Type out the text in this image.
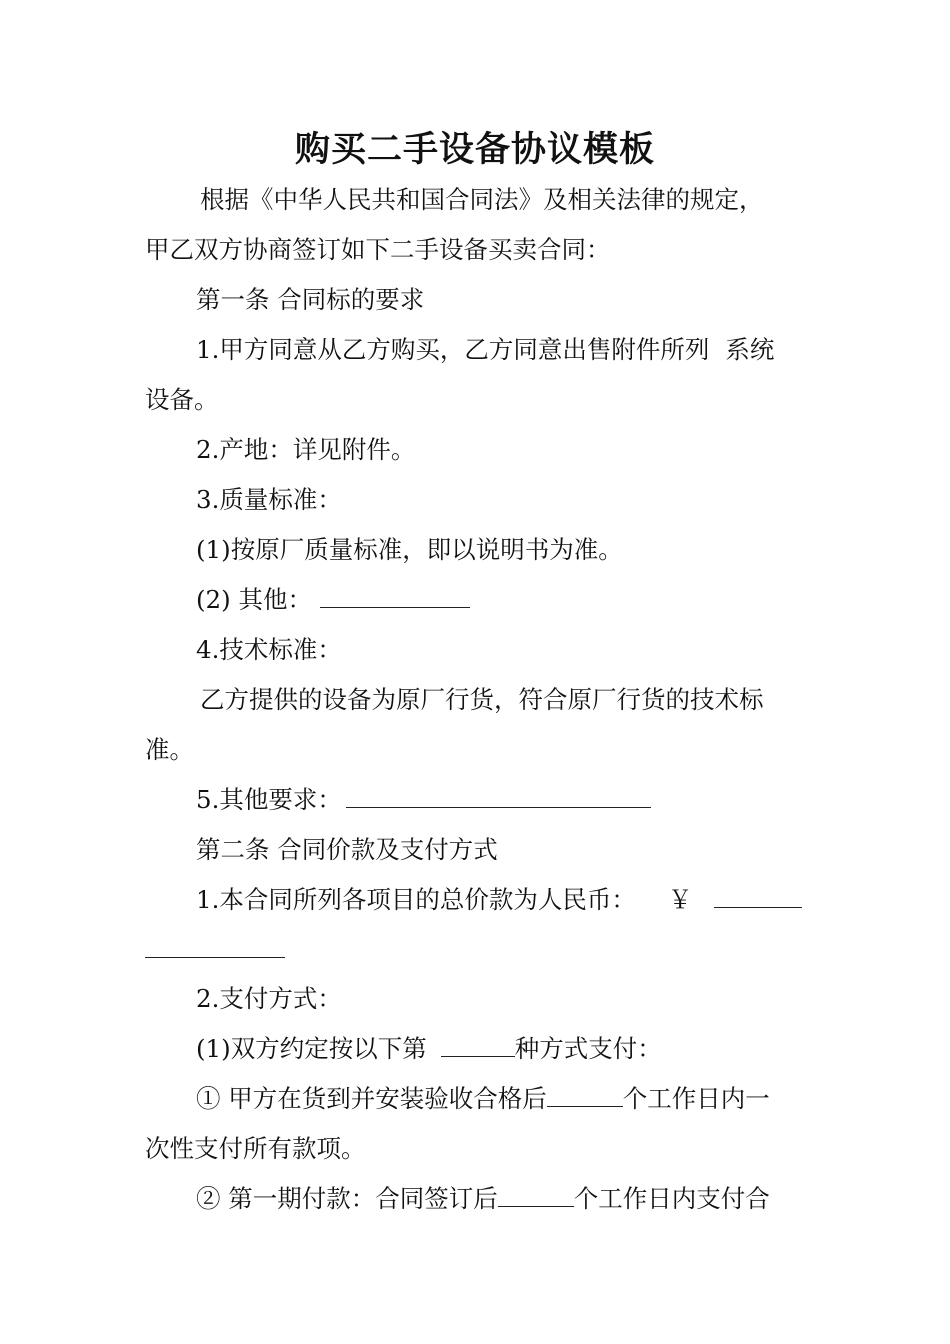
购买二手设备协议模板
根据《中华人民共和国合同法》及相关法律的规定，
甲乙双方协商签订如下二手设备买卖合同：
第一条 合同标的要求
1.甲方同意从乙方购买，乙方同意出售附件所列 系统
设备。
2.产地：详见附件。
3.质量标准：
(1)按原厂质量标准，即以说明书为准。
(2) 其他：
4.技术标准：
乙方提供的设备为原厂行货，符合原厂行货的技术标
准。
5.其他要求：
第二条 合同价款及支付方式
1.本合同所列各项目的总价款为人民币： ￥
2.支付方式：
(1)双方约定按以下第	种方式支付：
① 甲方在货到并安装验收合格后	个工作日内一
次性支付所有款项。
② 第一期付款：合同签订后	个工作日内支付合
